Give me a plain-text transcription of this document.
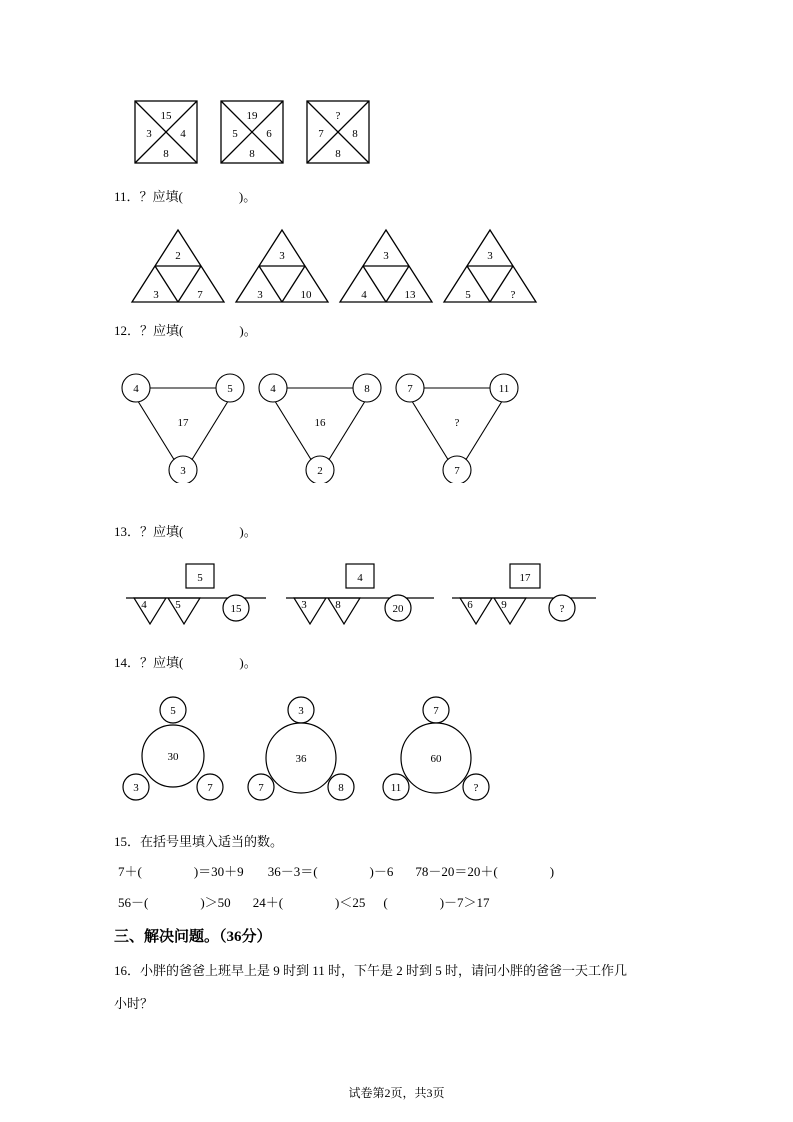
15
3	4
8
19
5	6
8
?
7	8
8
11．？应填(	)。
2
3	7
3
3	10
3
4	13
3
5	?
12．？应填(	)。
4	5
3
17
4	8
2
16
7	11
7
?
13．？应填(	)。
5
4	5	15
4
3	8	20
17
6	9	?
14．？应填(	)。
5
30
3	7
3
36
7	8
7
60
11	?
15．在括号里填入适当的数。
7＋(	)＝30＋9 36－3＝(	)－6 78－20＝20＋(	)
56－(	)＞50 24＋(	)＜25 (	)－7＞17
三、解决问题。（36分）
16．小胖的爸爸上班早上是 9 时到 11 时，下午是 2 时到 5 时，请问小胖的爸爸一天工作几
小时？
试卷第2页，共3页
